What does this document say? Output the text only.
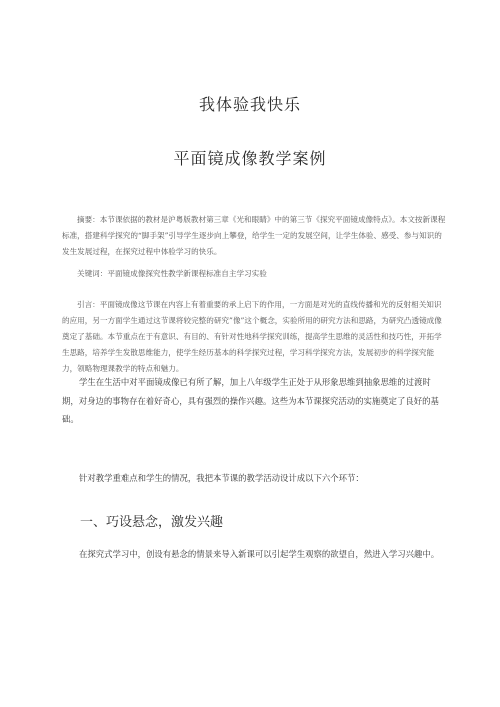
我体验我快乐
平面镜成像教学案例
摘要：本节课依据的教材是沪粤版教材第三章《光和眼睛》中的第三节《探究平面镜成像特点》。本文按新课程标准，搭建科学探究的“脚手架”引导学生逐步向上攀登，给学生一定的发展空间，让学生体验、感受、参与知识的发生发展过程，在探究过程中体验学习的快乐。
关键词：平面镜成像探究性教学新课程标准自主学习实验
引言：平面镜成像这节课在内容上有着重要的承上启下的作用，一方面是对光的直线传播和光的反射相关知识的应用，另一方面学生通过这节课将较完整的研究”像”这个概念，实验所用的研究方法和思路，为研究凸透镜成像奠定了基础。本节重点在于有意识、有目的、有针对性地科学探究训练，提高学生思维的灵活性和技巧性，开拓学生思路，培养学生发散思维能力，使学生经历基本的科学探究过程，学习科学探究方法，发展初步的科学探究能力，领略物理课教学的特点和魅力。
学生在生活中对平面镜成像已有所了解，加上八年级学生正处于从形象思维到抽象思维的过渡时期，对身边的事物存在着好奇心，具有强烈的操作兴趣。这些为本节课探究活动的实施奠定了良好的基础。
针对教学重难点和学生的情况，我把本节课的教学活动设计成以下六个环节：
一、巧设悬念，激发兴趣
在探究式学习中，创设有悬念的情景来导入新课可以引起学生观察的欲望自，然进入学习兴趣中。
